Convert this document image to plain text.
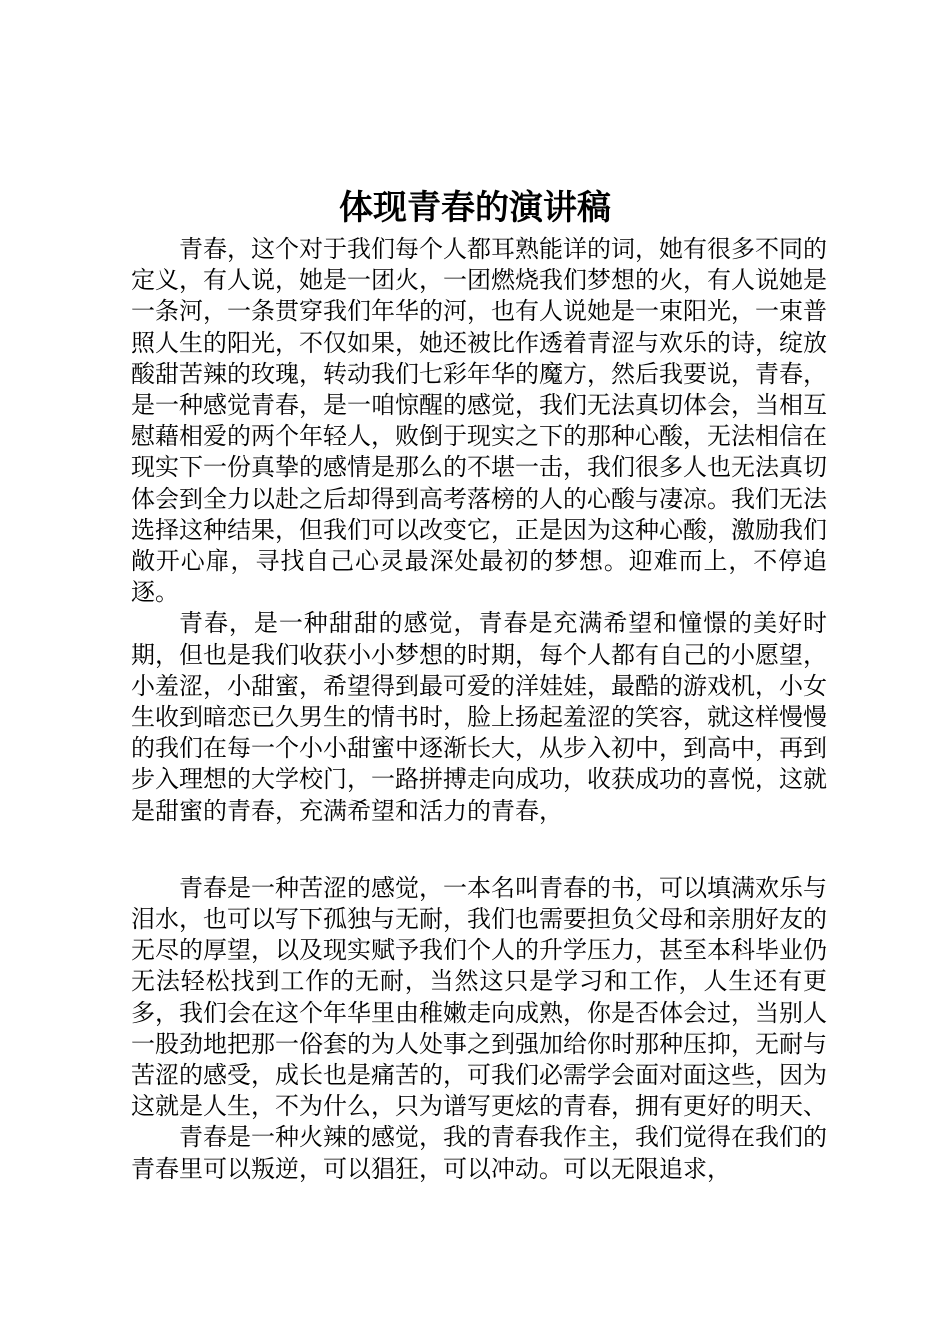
体现青春的演讲稿

青春，这个对于我们每个人都耳熟能详的词，她有很多不同的定义，有人说，她是一团火，一团燃烧我们梦想的火，有人说她是一条河，一条贯穿我们年华的河，也有人说她是一束阳光，一束普照人生的阳光，不仅如果，她还被比作透着青涩与欢乐的诗，绽放酸甜苦辣的玫瑰，转动我们七彩年华的魔方，然后我要说，青春，是一种感觉青春，是一咱惊醒的感觉，我们无法真切体会，当相互慰藉相爱的两个年轻人，败倒于现实之下的那种心酸，无法相信在现实下一份真挚的感情是那么的不堪一击，我们很多人也无法真切体会到全力以赴之后却得到高考落榜的人的心酸与凄凉。我们无法选择这种结果，但我们可以改变它，正是因为这种心酸，激励我们敞开心扉，寻找自己心灵最深处最初的梦想。迎难而上，不停追逐。

青春，是一种甜甜的感觉，青春是充满希望和憧憬的美好时期，但也是我们收获小小梦想的时期，每个人都有自己的小愿望，小羞涩，小甜蜜，希望得到最可爱的洋娃娃，最酷的游戏机，小女生收到暗恋已久男生的情书时，脸上扬起羞涩的笑容，就这样慢慢的我们在每一个小小甜蜜中逐渐长大，从步入初中，到高中，再到步入理想的大学校门，一路拼搏走向成功，收获成功的喜悦，这就是甜蜜的青春，充满希望和活力的青春，

青春是一种苦涩的感觉，一本名叫青春的书，可以填满欢乐与泪水，也可以写下孤独与无耐，我们也需要担负父母和亲朋好友的无尽的厚望，以及现实赋予我们个人的升学压力，甚至本科毕业仍无法轻松找到工作的无耐，当然这只是学习和工作，人生还有更多，我们会在这个年华里由稚嫩走向成熟，你是否体会过，当别人一股劲地把那一俗套的为人处事之到强加给你时那种压抑，无耐与苦涩的感受，成长也是痛苦的，可我们必需学会面对面这些，因为这就是人生，不为什么，只为谱写更炫的青春，拥有更好的明天、

青春是一种火辣的感觉，我的青春我作主，我们觉得在我们的青春里可以叛逆，可以猖狂，可以冲动。可以无限追求，
